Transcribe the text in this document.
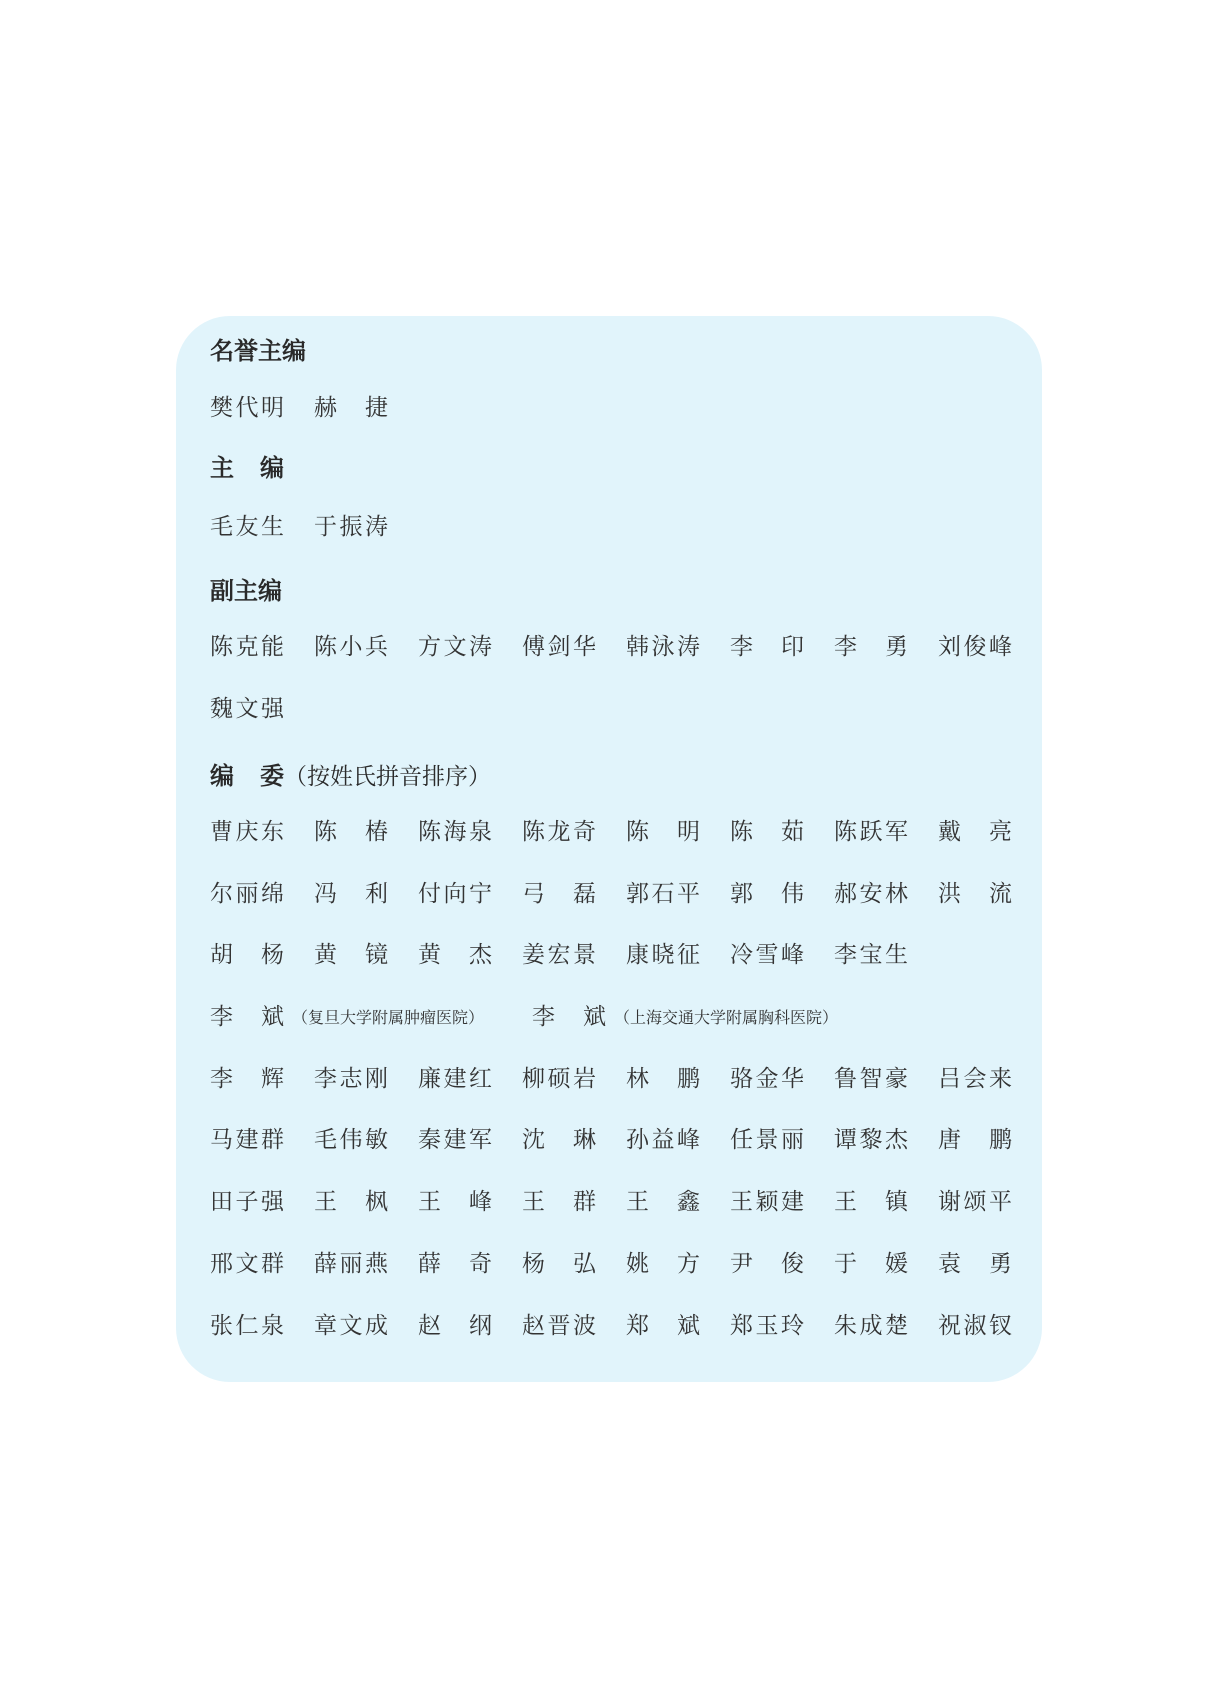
名誉主编
樊 代 明 赫 捷
主 编
毛 友 生 于 振 涛
副主编
陈 克 能 陈 小 兵 方 文 涛 傅 剑 华 韩 泳 涛 李 印 李 勇 刘 俊 峰
魏 文 强
编 委 （按姓氏拼音排序）
曹 庆 东 陈 椿 陈 海 泉 陈 龙 奇 陈 明 陈 茹 陈 跃 军 戴 亮
尔 丽 绵 冯 利 付 向 宁 弓 磊 郭 石 平 郭 伟 郝 安 林 洪 流
胡 杨 黄 镜 黄 杰 姜 宏 景 康 晓 征 冷 雪 峰 李 宝 生
李 斌 （复旦大学附属肿瘤医院） 李 斌 （上海交通大学附属胸科医院）
李 辉 李 志 刚 廉 建 红 柳 硕 岩 林 鹏 骆 金 华 鲁 智 豪 吕 会 来
马 建 群 毛 伟 敏 秦 建 军 沈 琳 孙 益 峰 任 景 丽 谭 黎 杰 唐 鹏
田 子 强 王 枫 王 峰 王 群 王 鑫 王 颖 建 王 镇 谢 颂 平
邢 文 群 薛 丽 燕 薛 奇 杨 弘 姚 方 尹 俊 于 媛 袁 勇
张 仁 泉 章 文 成 赵 纲 赵 晋 波 郑 斌 郑 玉 玲 朱 成 楚 祝 淑 钗
